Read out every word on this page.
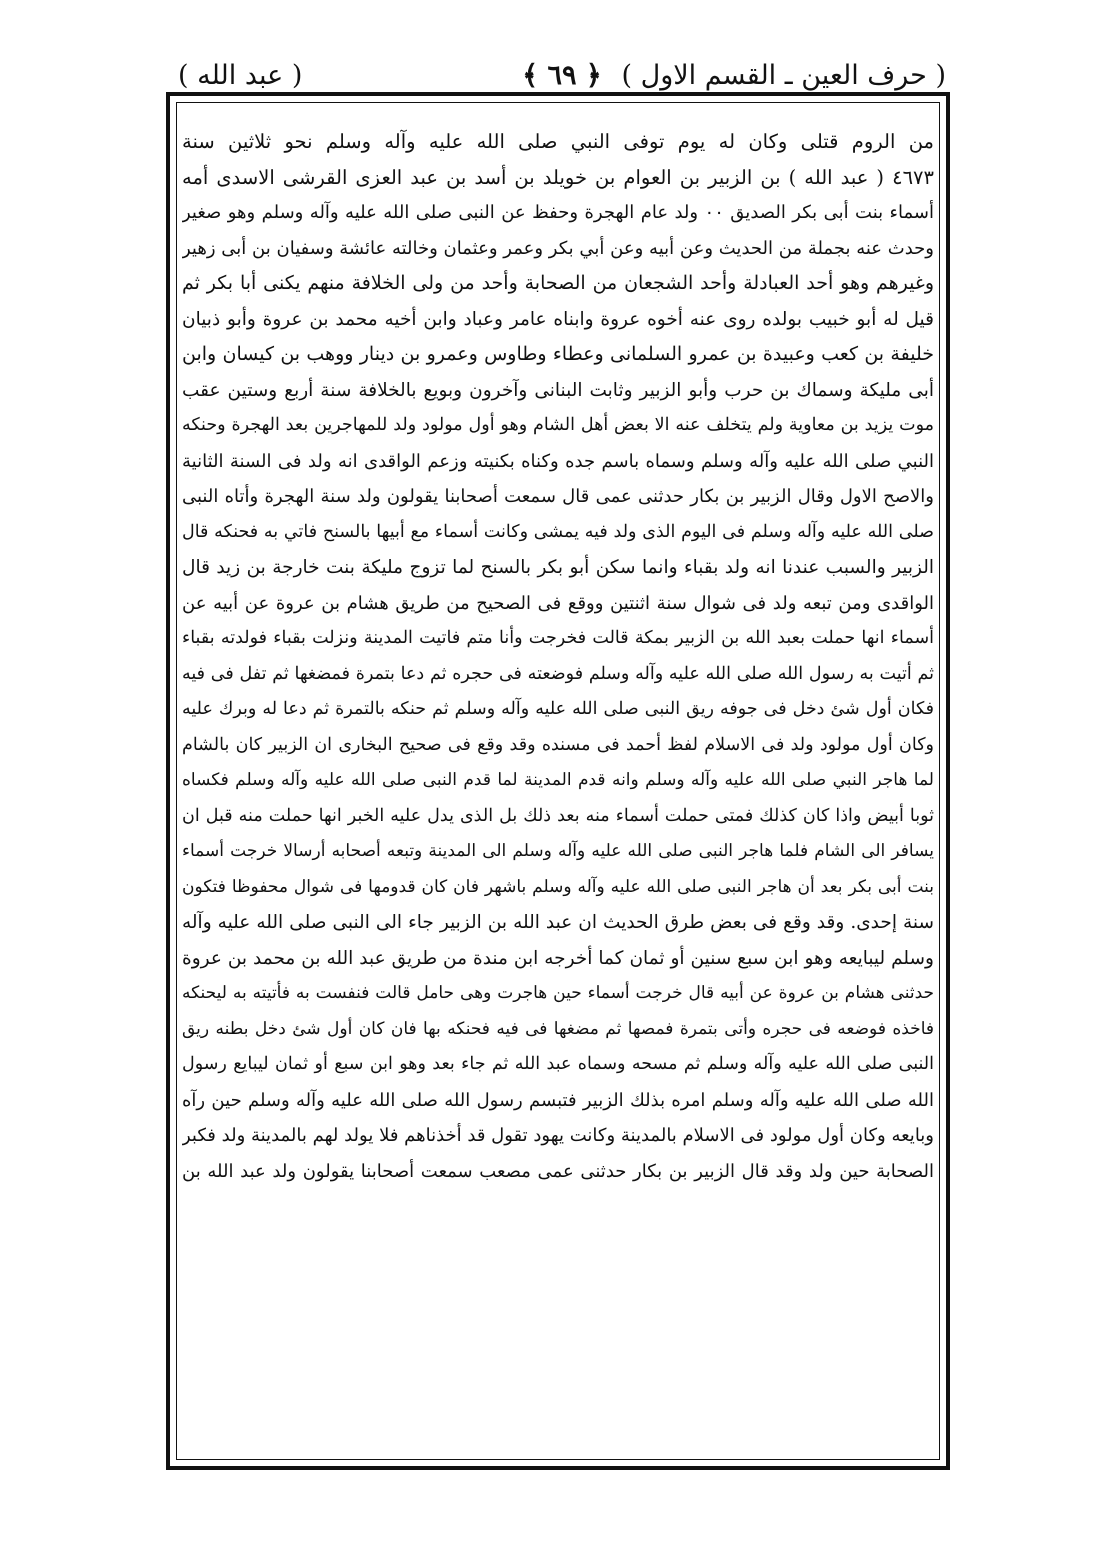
( حرف العين ـ القسم الاول )
﴿ ٦٩ ﴾
( عبد الله )
من الروم قتلى وكان له يوم توفى النبي صلى الله عليه وآله وسلم نحو ثلاثين سنة
٤٦٧٣ ( عبد الله ) بن الزبير بن العوام بن خويلد بن أسد بن عبد العزى القرشى الاسدى أمه
أسماء بنت أبى بكر الصديق ٠٠ ولد عام الهجرة وحفظ عن النبى صلى الله عليه وآله وسلم وهو صغير
وحدث عنه بجملة من الحديث وعن أبيه وعن أبي بكر وعمر وعثمان وخالته عائشة وسفيان بن أبى زهير
وغيرهم وهو أحد العبادلة وأحد الشجعان من الصحابة وأحد من ولى الخلافة منهم يكنى أبا بكر ثم
قيل له أبو خبيب بولده روى عنه أخوه عروة وابناه عامر وعباد وابن أخيه محمد بن عروة وأبو ذبيان
خليفة بن كعب وعبيدة بن عمرو السلمانى وعطاء وطاوس وعمرو بن دينار ووهب بن كيسان وابن
أبى مليكة وسماك بن حرب وأبو الزبير وثابت البنانى وآخرون وبويع بالخلافة سنة أربع وستين عقب
موت يزيد بن معاوية ولم يتخلف عنه الا بعض أهل الشام وهو أول مولود ولد للمهاجرين بعد الهجرة وحنكه
النبي صلى الله عليه وآله وسلم وسماه باسم جده وكناه بكنيته وزعم الواقدى انه ولد فى السنة الثانية
والاصح الاول وقال الزبير بن بكار حدثنى عمى قال سمعت أصحابنا يقولون ولد سنة الهجرة وأتاه النبى
صلى الله عليه وآله وسلم فى اليوم الذى ولد فيه يمشى وكانت أسماء مع أبيها بالسنح فاتي به فحنكه قال
الزبير والسبب عندنا انه ولد بقباء وانما سكن أبو بكر بالسنح لما تزوج مليكة بنت خارجة بن زيد قال
الواقدى ومن تبعه ولد فى شوال سنة اثنتين ووقع فى الصحيح من طريق هشام بن عروة عن أبيه عن
أسماء انها حملت بعبد الله بن الزبير بمكة قالت فخرجت وأنا متم فاتيت المدينة ونزلت بقباء فولدته بقباء
ثم أتيت به رسول الله صلى الله عليه وآله وسلم فوضعته فى حجره ثم دعا بتمرة فمضغها ثم تفل فى فيه
فكان أول شئ دخل فى جوفه ريق النبى صلى الله عليه وآله وسلم ثم حنكه بالتمرة ثم دعا له وبرك عليه
وكان أول مولود ولد فى الاسلام لفظ أحمد فى مسنده وقد وقع فى صحيح البخارى ان الزبير كان بالشام
لما هاجر النبي صلى الله عليه وآله وسلم وانه قدم المدينة لما قدم النبى صلى الله عليه وآله وسلم فكساه
ثوبا أبيض واذا كان كذلك فمتى حملت أسماء منه بعد ذلك بل الذى يدل عليه الخبر انها حملت منه قبل ان
يسافر الى الشام فلما هاجر النبى صلى الله عليه وآله وسلم الى المدينة وتبعه أصحابه أرسالا خرجت أسماء
بنت أبى بكر بعد أن هاجر النبى صلى الله عليه وآله وسلم باشهر فان كان قدومها فى شوال محفوظا فتكون
سنة إحدى. وقد وقع فى بعض طرق الحديث ان عبد الله بن الزبير جاء الى النبى صلى الله عليه وآله
وسلم ليبايعه وهو ابن سبع سنين أو ثمان كما أخرجه ابن مندة من طريق عبد الله بن محمد بن عروة
حدثنى هشام بن عروة عن أبيه قال خرجت أسماء حين هاجرت وهى حامل قالت فنفست به فأتيته به ليحنكه
فاخذه فوضعه فى حجره وأتى بتمرة فمصها ثم مضغها فى فيه فحنكه بها فان كان أول شئ دخل بطنه ريق
النبى صلى الله عليه وآله وسلم ثم مسحه وسماه عبد الله ثم جاء بعد وهو ابن سبع أو ثمان ليبايع رسول
الله صلى الله عليه وآله وسلم امره بذلك الزبير فتبسم رسول الله صلى الله عليه وآله وسلم حين رآه
وبايعه وكان أول مولود فى الاسلام بالمدينة وكانت يهود تقول قد أخذناهم فلا يولد لهم بالمدينة ولد فكبر
الصحابة حين ولد وقد قال الزبير بن بكار حدثنى عمى مصعب سمعت أصحابنا يقولون ولد عبد الله بن
